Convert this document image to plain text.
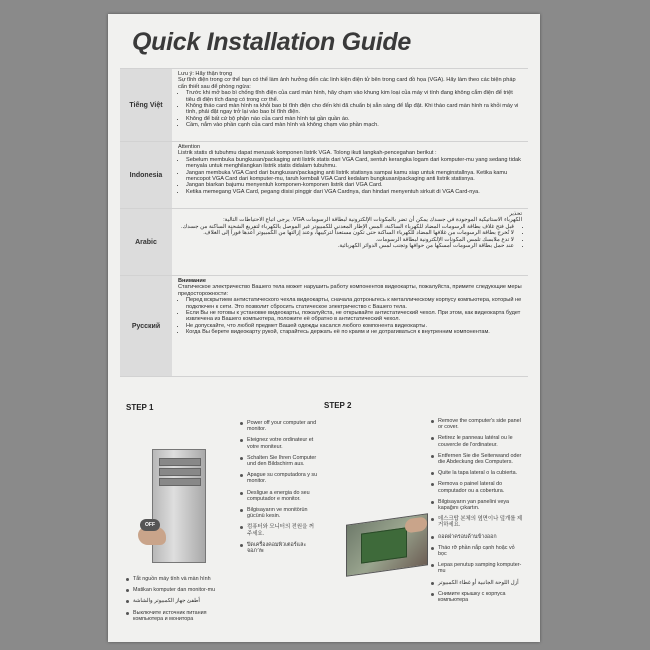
Quick Installation Guide
Tiếng Việt

Lưu ý: Hãy thận trọng

Sự tĩnh điện trong cơ thể bạn có thể làm ảnh hưởng đến các linh kiện điện tử bên trong card đồ họa (VGA). Hãy làm theo các biện pháp cẩn thiết sau để phòng ngừa:

• Trước khi mở bao bì chống tĩnh điện của card màn hình, hãy chạm vào khung kim loại của máy vi tính đang không cắm điện để triệt tiêu đi điện tích đang có trong cơ thể.
• Không tháo card màn hình ra khỏi bao bì tĩnh điện cho đến khi đã chuẩn bị sẵn sàng để lắp đặt. Khi tháo card màn hình ra khỏi máy vi tính, phải đặt ngay trở lại vào bao bì tĩnh điện.
• Không để bất cứ bộ phận nào của card màn hình tại gần quần áo.
• Cầm, nắm vào phần cạnh của card màn hình và không chạm vào phần mạch.
Indonesia

Attention

Listrik statis di tubuhmu dapat merusak komponen listrik VGA. Tolong ikuti langkah-pencegahan berikut :

• Sebelum membuka bungkusan/packaging anti listrik statis dari VGA Card, sentuh kerangka logam dari komputer-mu yang sedang tidak menyala untuk menghilangkan listrik statis didalam tubuhmu.
• Jangan membuka VGA Card dari bungkusan/packaging anti listrik statisnya sampai kamu siap untuk menginstallnya. Ketika kamu mencopot VGA Card dari komputer-mu, taruh kembali VGA Card kedalam bungkusan/packaging anti listrik statisnya.
• Jangan biarkan bajumu menyentuh komponen-komponen listrik dari VGA Card.
• Ketika memegang VGA Card, pegang disisi pinggir dari VGA Cardnya, dan hindari menyentuh sirkuit di VGA Card-nya.
Arabic

تحذير

الكهرباء الاستاتيكية الموجودة في جسدك يمكن أن تضر بالمكونات الإلكترونية لبطاقة الرسومات VGA. يرجى اتباع الاحتياطات التالية:

• قبل فتح غلاف بطاقة الرسومات المضاد للكهرباء الساكنة، المس الإطار المعدني للكمبيوتر غير الموصل بالكهرباء لتفريغ الشحنة الساكنة من جسدك.
• لا تُخرج بطاقة الرسومات من غلافها المضاد للكهرباء الساكنة حتى تكون مستعداً لتركيبها، وعند إزالتها من الكمبيوتر أعدها فوراً إلى الغلاف.
• لا تدع ملابسك تلمس المكونات الإلكترونية لبطاقة الرسومات.
• عند حمل بطاقة الرسومات أمسكها من حوافها وتجنب لمس الدوائر الكهربائية.
Русский

Внимание

Статическое электричество Вашего тела может нарушить работу компонентов видеокарты, пожалуйста, примите следующие меры предосторожности:

• Перед вскрытием антистатического чехла видеокарты, сначала дотроньтесь к металлическому корпусу компьютера, который не подключен к сети. Это позволит сбросить статическое электричество с Вашего тела.
• Если Вы не готовы к установке видеокарты, пожалуйста, не открывайте антистатический чехол. При этом, как видеокарта будет извлечена из Вашего компьютера, положите её обратно в антистатический чехол.
• Не допускайте, что любой предмет Вашей одежды касался любого компонента видеокарты.
• Когда Вы берете видеокарту рукой, старайтесь держать её по краям и не дотрагиваться к внутренним компонентам.
STEP 1
OFF
Power off your computer and monitor.
Eteignez votre ordinateur et votre moniteur.
Schalten Sie Ihren Computer und den Bildschirm aus.
Apague su computadora y su monitor.
Desligue a energia do seu computador e monitor.
Bilgisayarın ve monitörün gücünü kesin.
컴퓨터와 모니터의 전원을 꺼주세요.
ปิดเครื่องคอมพิวเตอร์และจอภาพ
Tắt nguồn máy tính và màn hình
Matikan komputer dan monitor-mu
أطفئ جهاز الكمبيوتر والشاشة
Выключите источник питания компьютера и монитора
STEP 2
Remove the computer's side panel or cover.
Retirez le panneau latéral ou le couvercle de l'ordinateur.
Entfernen Sie die Seitenwand oder die Abdeckung des Computers.
Quite la tapa lateral o la cubierta.
Remova o painel lateral do computador ou a cobertura.
Bilgisayarın yan panelini veya kapağını çıkartın.
데스크탑 본체의 옆면이나 덮개를 제거하세요.
ถอดฝาครอบด้านข้างออก
Tháo rỡ phần nắp cạnh hoặc vỏ bọc
Lepas penutup samping komputer-mu
أزل اللوحة الجانبية أو غطاء الكمبيوتر
Снимите крышку с корпуса компьютера
